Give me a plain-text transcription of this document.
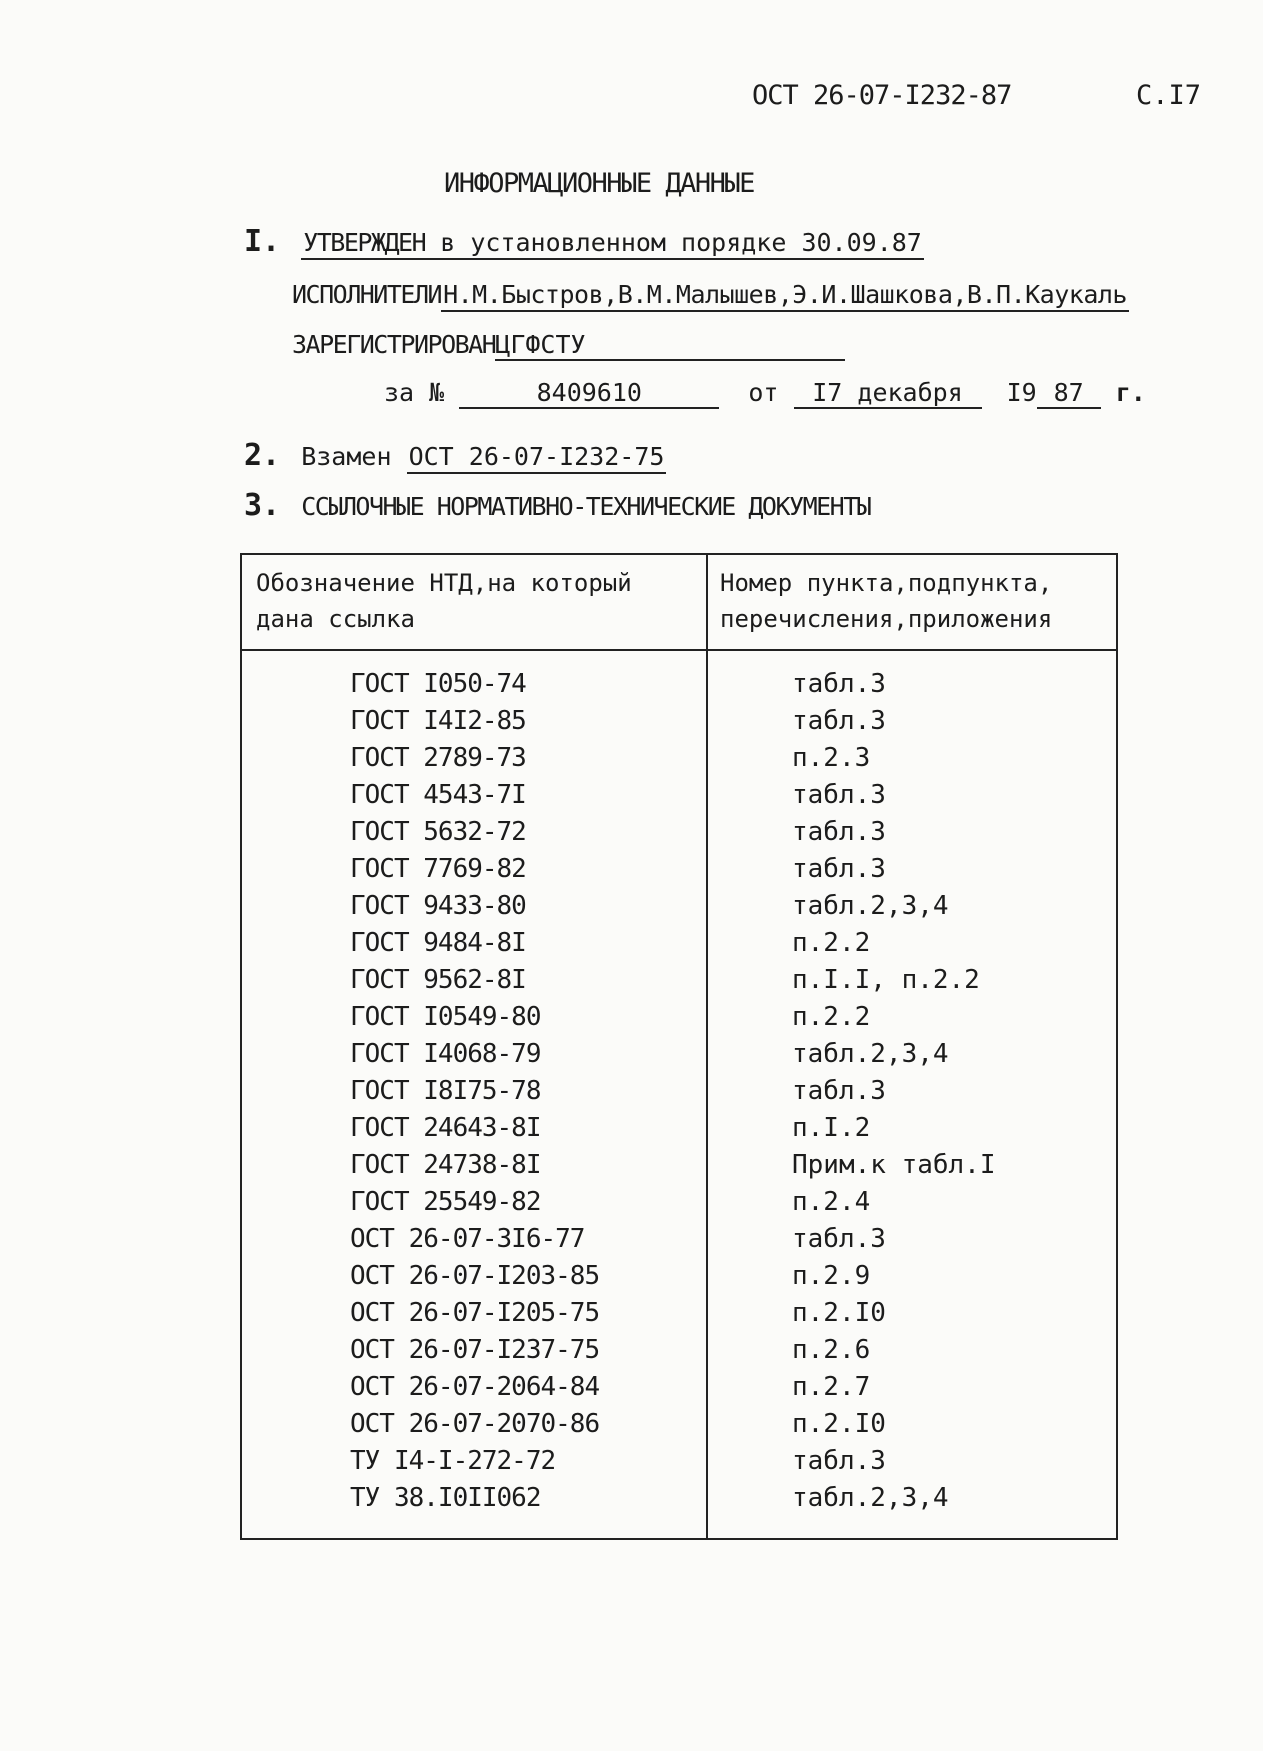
ОСТ 26-07-I232-87	С.I7
ИНФОРМАЦИОННЫЕ ДАННЫЕ
I. УТВЕРЖДЕН в установленном порядке 30.09.87
ИСПОЛНИТЕЛИН.М.Быстров,В.М.Малышев,Э.И.Шашкова,В.П.Каукаль
ЗАРЕГИСТРИРОВАНЦГФСТУ
за №	8409610	от I7 декабря I9 87 г.
2. Взамен ОСТ 26-07-I232-75
3. ССЫЛОЧНЫЕ НОРМАТИВНО-ТЕХНИЧЕСКИЕ ДОКУМЕНТЫ
Обозначение НТД,на который дана ссылка	Номер пункта,подпункта, перечисления,приложения
ГОСТ I050-74	табл.3
ГОСТ I4I2-85	табл.3
ГОСТ 2789-73	п.2.3
ГОСТ 4543-7I	табл.3
ГОСТ 5632-72	табл.3
ГОСТ 7769-82	табл.3
ГОСТ 9433-80	табл.2,3,4
ГОСТ 9484-8I	п.2.2
ГОСТ 9562-8I	п.I.I, п.2.2
ГОСТ I0549-80	п.2.2
ГОСТ I4068-79	табл.2,3,4
ГОСТ I8I75-78	табл.3
ГОСТ 24643-8I	п.I.2
ГОСТ 24738-8I	Прим.к табл.I
ГОСТ 25549-82	п.2.4
ОСТ 26-07-3I6-77	табл.3
ОСТ 26-07-I203-85	п.2.9
ОСТ 26-07-I205-75	п.2.I0
ОСТ 26-07-I237-75	п.2.6
ОСТ 26-07-2064-84	п.2.7
ОСТ 26-07-2070-86	п.2.I0
ТУ I4-I-272-72	табл.3
ТУ 38.I0II062	табл.2,3,4
